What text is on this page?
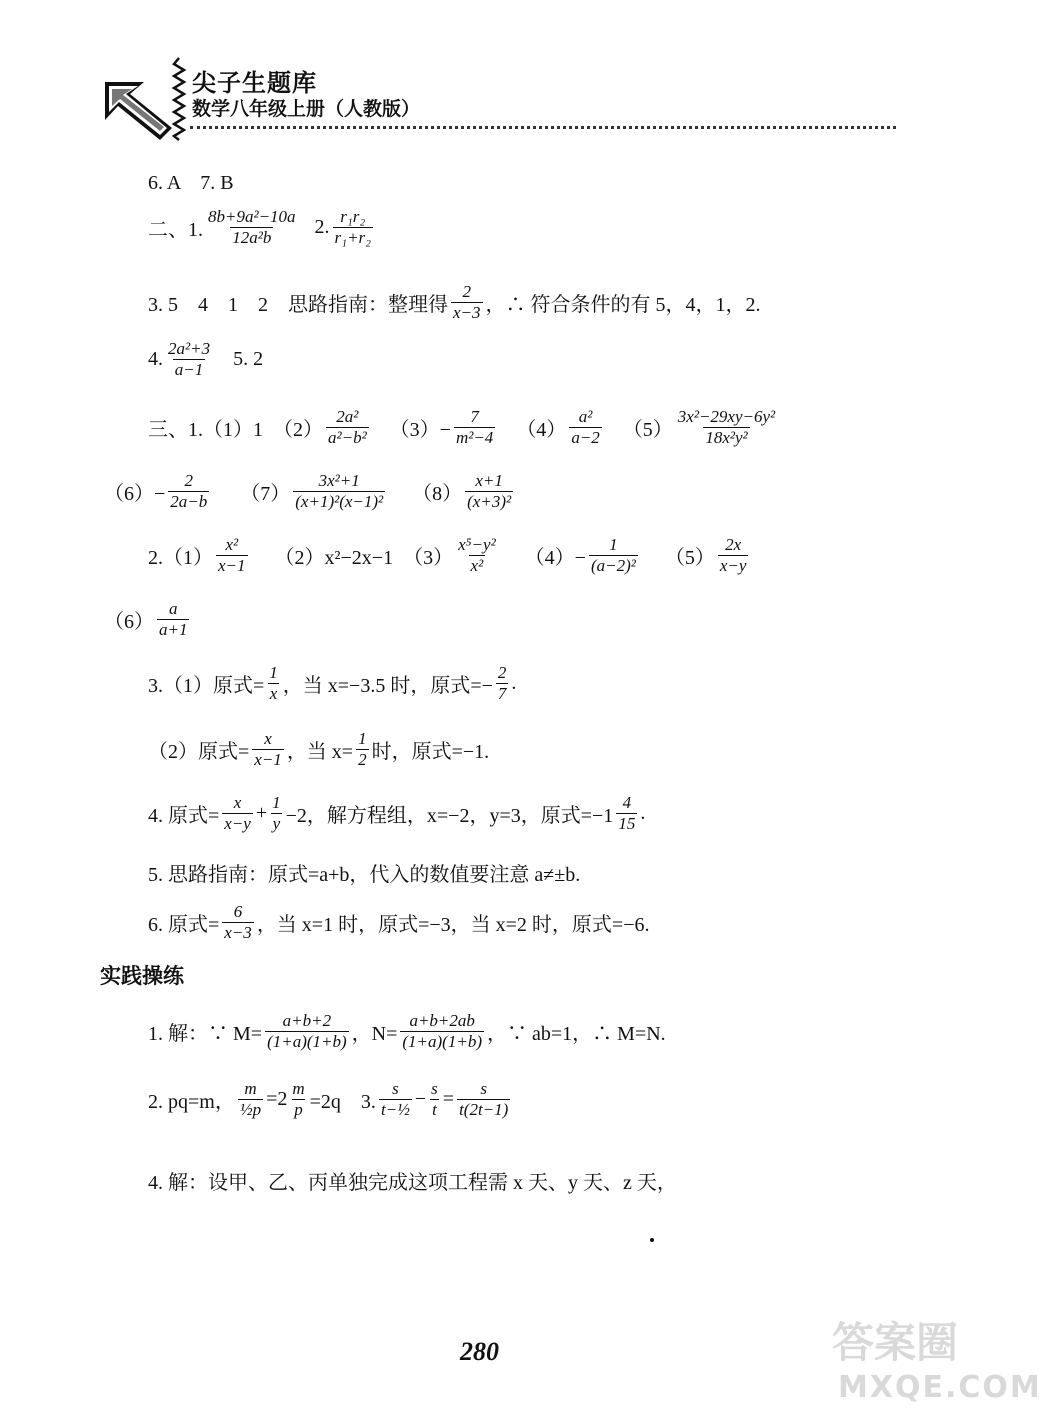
尖子生题库
数学八年级上册（人教版）
6. A　7. B
二、1. $\frac{\text{8b+9a²−10a}}{\text{12a²b}} 2$. $\frac{\text{r₁r₂}}{\text{r₁+r₂}}$
3. 5　4　1　2　思路指南：整理得 $\frac{2}{x-3}$ ，∴ 符合条件的有 5，4，1，2.
4. $\frac{\text{2a²+3}}{a-1} 5$. 2
三、1.（1）1　$(2) \frac{\text{2a²}}{\text{a²−b²}} (3)- \frac{7}{\text{m²−4}} (4) \frac{\text{a²}}{a-2} (5) \frac{\text{3x²−29xy−6y²}}{\text{18x²y²}}$
$(6)- \frac{2}{2a-b} (7) \frac{\text{3x²+1}}{\text{(x+1)²(x−1)²}} (8) \frac{x+1}{\text{(x+3)²}}$
$2.(1) \frac{\text{x²}}{x-1} (2)x^2-2x-1$　$(3) \frac{\text{x⁵−y²}}{\text{x²}} (4)- \frac{1}{\text{(a−2)²}} (5) \frac{2x}{x-y}$
$(6) \frac{a}{a+1}$
3.（1）原式= $\frac{1}{x}$ ，当 x=−3.5 时，原式=− $\frac{2}{7}$ .
（2）原式= $\frac{x}{x-1}$ ，当 $x= \frac{1}{2}$ 时，原式=−1.
4. 原式= $\frac{x}{x-y} + \frac{1}{y} -2$，解方程组，x=−2，y=3，原式$=-1 \frac{4}{15}$ .
5. 思路指南：原式=a+b，代入的数值要注意 a≠±b.
6. 原式= $\frac{6}{x-3}$ ，当 x=1 时，原式=−3，当 x=2 时，原式=−6.
实践操练
1. 解：∵ $M= \frac{a+b+2}{(1+a)(1+b)}$ ，$N= \frac{a+b+2ab}{(1+a)(1+b)}$ ，∵ ab=1，∴ M=N.
2. pq=m， $\frac{m}{\text{½p}} =2 \frac{m}{p} =2q$　3. $\frac{s}{\text{t−½}} - \frac{s}{t} = \frac{s}{t(2t-1)}$
4. 解：设甲、乙、丙单独完成这项工程需 x 天、y 天、z 天，
280	答案圈
MXQE.COM
